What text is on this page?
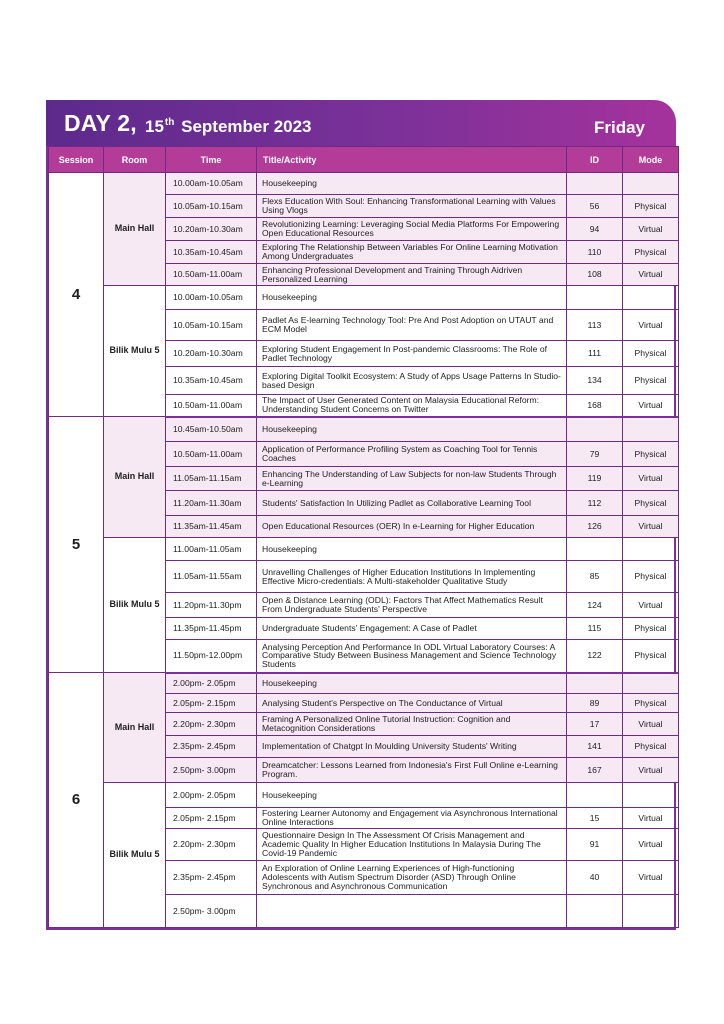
DAY 2, 15th September 2023	Friday
Session	Room	Time	Title/Activity	ID	Mode
4	Main Hall	10.00am-10.05am	Housekeeping		
		10.05am-10.15am	Flexs Education With Soul: Enhancing Transformational Learning with Values Using Vlogs	56	Physical
		10.20am-10.30am	Revolutionizing Learning: Leveraging Social Media Platforms For Empowering Open Educational Resources	94	Virtual
		10.35am-10.45am	Exploring The Relationship Between Variables For Online Learning Motivation Among Undergraduates	110	Physical
		10.50am-11.00am	Enhancing Professional Development and Training Through Aidriven Personalized Learning	108	Virtual
	Bilik Mulu 5	10.00am-10.05am	Housekeeping		
		10.05am-10.15am	Padlet As E-learning Technology Tool: Pre And Post Adoption on UTAUT and ECM Model	113	Virtual
		10.20am-10.30am	Exploring Student Engagement In Post-pandemic Classrooms: The Role of Padlet Technology	111	Physical
		10.35am-10.45am	Exploring Digital Toolkit Ecosystem: A Study of Apps Usage Patterns In Studio-based Design	134	Physical
		10.50am-11.00am	The Impact of User Generated Content on Malaysia Educational Reform: Understanding Student Concerns on Twitter	168	Virtual
5	Main Hall	10.45am-10.50am	Housekeeping		
		10.50am-11.00am	Application of Performance Profiling System as Coaching Tool for Tennis Coaches	79	Physical
		11.05am-11.15am	Enhancing The Understanding of Law Subjects for non-law Students Through e-Learning	119	Virtual
		11.20am-11.30am	Students' Satisfaction In Utilizing Padlet as Collaborative Learning Tool	112	Physical
		11.35am-11.45am	Open Educational Resources (OER) In e-Learning for Higher Education	126	Virtual
	Bilik Mulu 5	11.00am-11.05am	Housekeeping		
		11.05am-11.55am	Unravelling Challenges of Higher Education Institutions In Implementing Effective Micro-credentials: A Multi-stakeholder Qualitative Study	85	Physical
		11.20pm-11.30pm	Open & Distance Learning (ODL): Factors That Affect Mathematics Result From Undergraduate Students' Perspective	124	Virtual
		11.35pm-11.45pm	Undergraduate Students' Engagement: A Case of Padlet	115	Physical
		11.50pm-12.00pm	Analysing Perception And Performance In ODL Virtual Laboratory Courses: A Comparative Study Between Business Management and Science Technology Students	122	Physical
6	Main Hall	2.00pm- 2.05pm	Housekeeping		
		2.05pm- 2.15pm	Analysing Student's Perspective on The Conductance of Virtual	89	Physical
		2.20pm- 2.30pm	Framing A Personalized Online Tutorial Instruction: Cognition and Metacognition Considerations	17	Virtual
		2.35pm- 2.45pm	Implementation of Chatgpt In Moulding University Students' Writing	141	Physical
		2.50pm- 3.00pm	Dreamcatcher: Lessons Learned from Indonesia's First Full Online e-Learning Program.	167	Virtual
	Bilik Mulu 5	2.00pm- 2.05pm	Housekeeping		
		2.05pm- 2.15pm	Fostering Learner Autonomy and Engagement via Asynchronous International Online Interactions	15	Virtual
		2.20pm- 2.30pm	Questionnaire Design In The Assessment Of Crisis Management and Academic Quality In Higher Education Institutions In Malaysia During The Covid-19 Pandemic	91	Virtual
		2.35pm- 2.45pm	An Exploration of Online Learning Experiences of High-functioning Adolescents with Autism Spectrum Disorder (ASD) Through Online Synchronous and Asynchronous Communication	40	Virtual
		2.50pm- 3.00pm			
